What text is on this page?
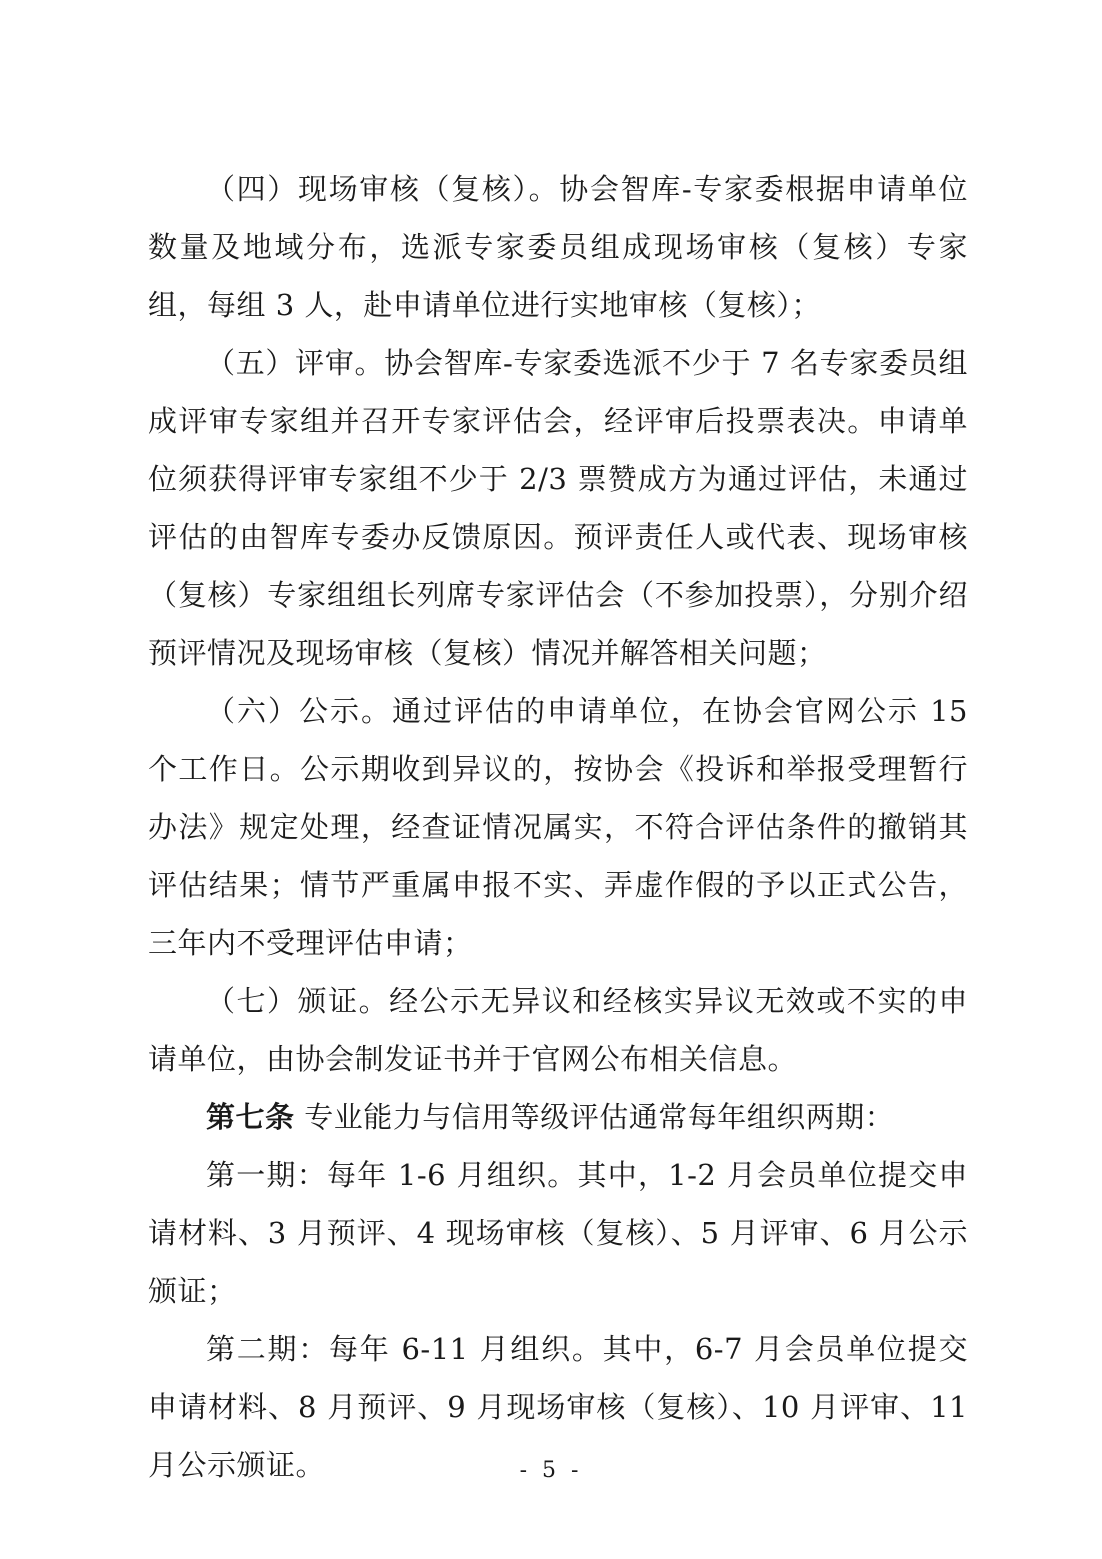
（四）现场审核（复核）。协会智库-专家委根据申请单位数量及地域分布，选派专家委员组成现场审核（复核）专家组，每组 3 人，赴申请单位进行实地审核（复核）；

（五）评审。协会智库-专家委选派不少于 7 名专家委员组成评审专家组并召开专家评估会，经评审后投票表决。申请单位须获得评审专家组不少于 2/3 票赞成方为通过评估，未通过评估的由智库专委办反馈原因。预评责任人或代表、现场审核（复核）专家组组长列席专家评估会（不参加投票），分别介绍预评情况及现场审核（复核）情况并解答相关问题；

（六）公示。通过评估的申请单位，在协会官网公示 15 个工作日。公示期收到异议的，按协会《投诉和举报受理暂行办法》规定处理，经查证情况属实，不符合评估条件的撤销其评估结果；情节严重属申报不实、弄虚作假的予以正式公告，三年内不受理评估申请；

（七）颁证。经公示无异议和经核实异议无效或不实的申请单位，由协会制发证书并于官网公布相关信息。

第七条 专业能力与信用等级评估通常每年组织两期：

第一期：每年 1-6 月组织。其中，1-2 月会员单位提交申请材料、3 月预评、4 现场审核（复核）、5 月评审、6 月公示颁证；

第二期：每年 6-11 月组织。其中，6-7 月会员单位提交申请材料、8 月预评、9 月现场审核（复核）、10 月评审、11 月公示颁证。	- 5 -
